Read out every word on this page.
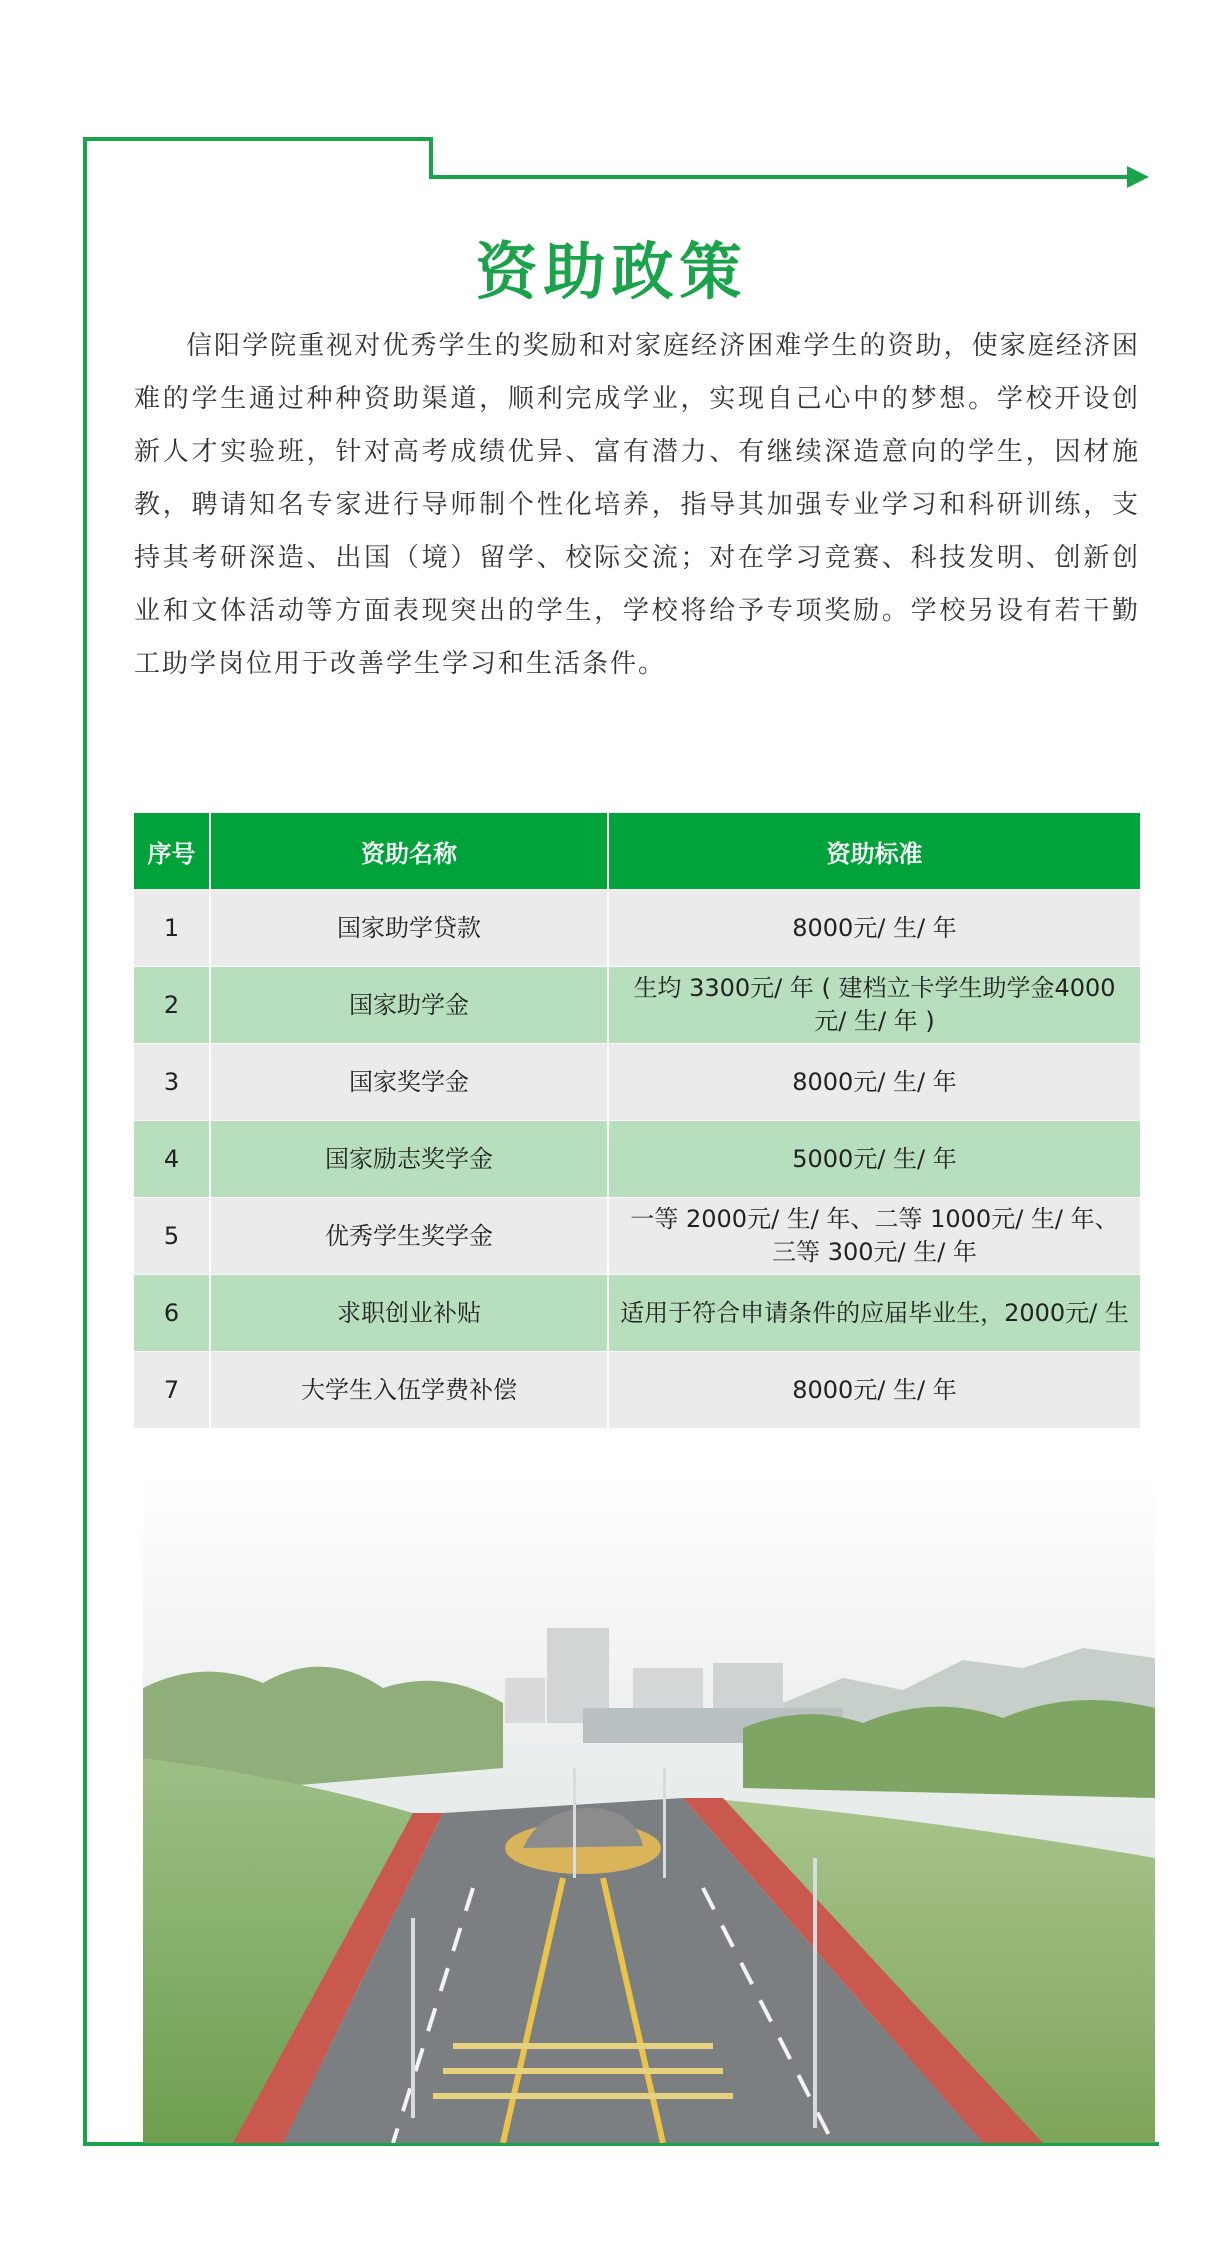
资助政策
信阳学院重视对优秀学生的奖励和对家庭经济困难学生的资助，使家庭经济困难的学生通过种种资助渠道，顺利完成学业，实现自己心中的梦想。学校开设创新人才实验班，针对高考成绩优异、富有潜力、有继续深造意向的学生，因材施教，聘请知名专家进行导师制个性化培养，指导其加强专业学习和科研训练，支持其考研深造、出国（境）留学、校际交流；对在学习竞赛、科技发明、创新创业和文体活动等方面表现突出的学生，学校将给予专项奖励。学校另设有若干勤工助学岗位用于改善学生学习和生活条件。
序号	资助名称	资助标准
1	国家助学贷款	8000元/ 生/ 年
2	国家助学金	生均 3300元/ 年 ( 建档立卡学生助学金4000元/ 生/ 年 )
3	国家奖学金	8000元/ 生/ 年
4	国家励志奖学金	5000元/ 生/ 年
5	优秀学生奖学金	一等 2000元/ 生/ 年、二等 1000元/ 生/ 年、三等 300元/ 生/ 年
6	求职创业补贴	适用于符合申请条件的应届毕业生，2000元/ 生
7	大学生入伍学费补偿	8000元/ 生/ 年
